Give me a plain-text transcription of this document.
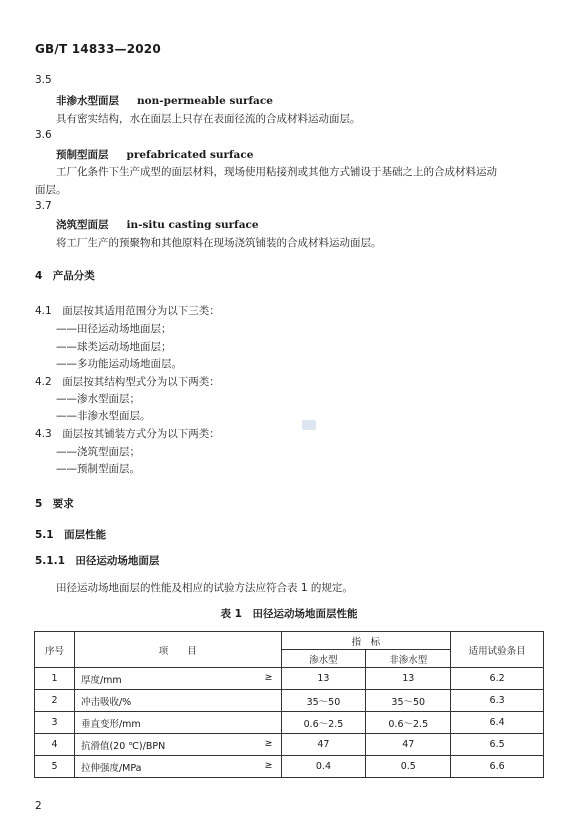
GB/T 14833—2020
3.5
非渗水型面层 non-permeable surface
具有密实结构，水在面层上只存在表面径流的合成材料运动面层。
3.6
预制型面层 prefabricated surface
工厂化条件下生产成型的面层材料，现场使用粘接剂或其他方式铺设于基础之上的合成材料运动
面层。
3.7
浇筑型面层 in-situ casting surface
将工厂生产的预聚物和其他原料在现场浇筑铺装的合成材料运动面层。
4　产品分类
4.1　面层按其适用范围分为以下三类：
——田径运动场地面层；
——球类运动场地面层；
——多功能运动场地面层。
4.2　面层按其结构型式分为以下两类：
——渗水型面层；
——非渗水型面层。
4.3　面层按其铺装方式分为以下两类：
——浇筑型面层；
——预制型面层。
5　要求
5.1　面层性能
5.1.1　田径运动场地面层
田径运动场地面层的性能及相应的试验方法应符合表 1 的规定。
表 1　田径运动场地面层性能
序号	项　　目	指　标		适用试验条目
		渗水型	非渗水型	
1	厚度/mm ≥	13	13	6.2
2	冲击吸收/%	35～50	35～50	6.3
3	垂直变形/mm	0.6～2.5	0.6～2.5	6.4
4	抗滑值(20 ℃)/BPN ≥	47	47	6.5
5	拉伸强度/MPa ≥	0.4	0.5	6.6
2
